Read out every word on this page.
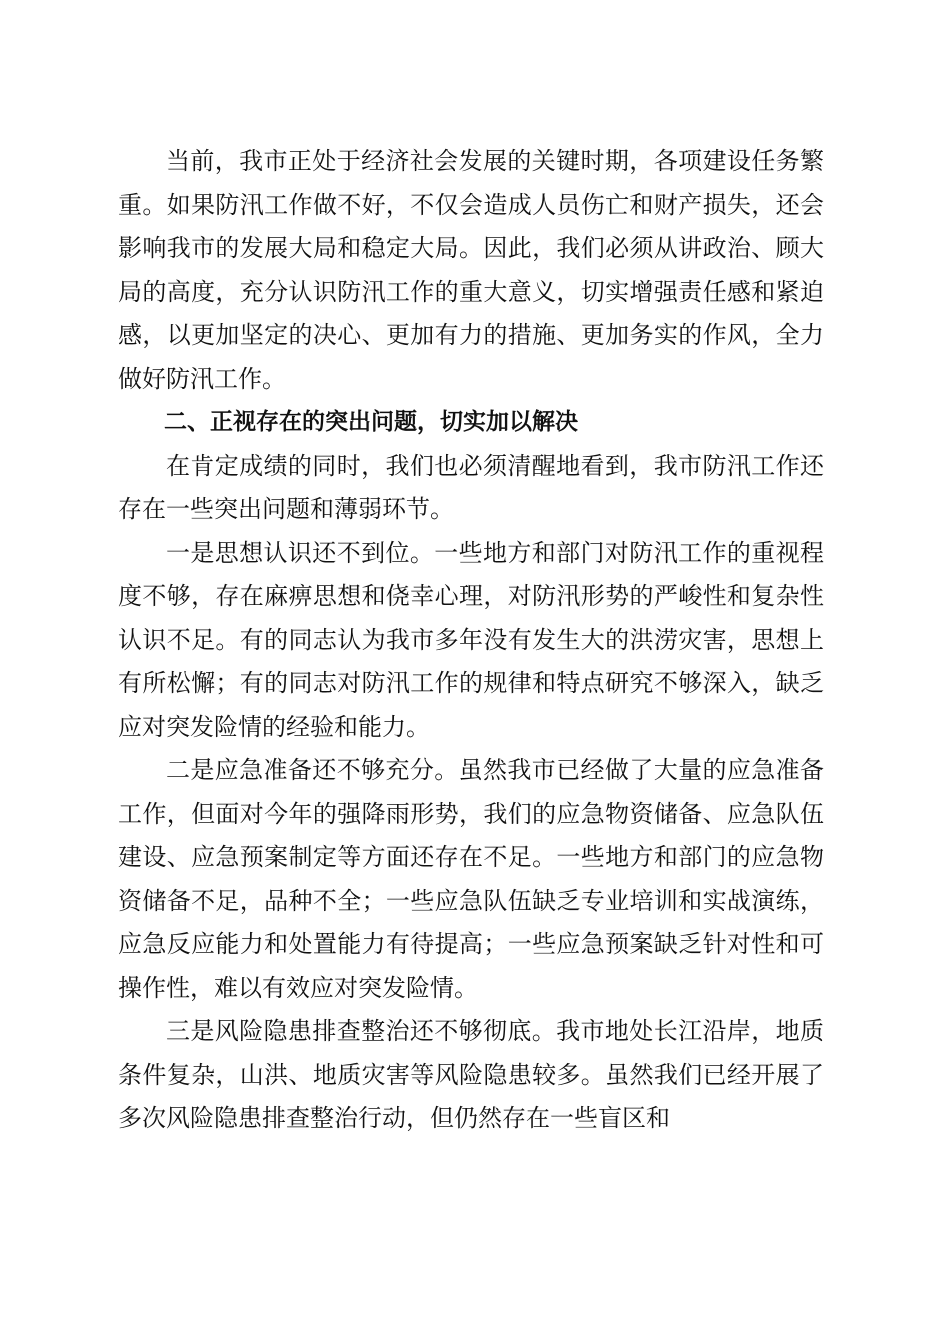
当前，我市正处于经济社会发展的关键时期，各项建设任务繁重。如果防汛工作做不好，不仅会造成人员伤亡和财产损失，还会影响我市的发展大局和稳定大局。因此，我们必须从讲政治、顾大局的高度，充分认识防汛工作的重大意义，切实增强责任感和紧迫感，以更加坚定的决心、更加有力的措施、更加务实的作风，全力做好防汛工作。

二、正视存在的突出问题，切实加以解决

在肯定成绩的同时，我们也必须清醒地看到，我市防汛工作还存在一些突出问题和薄弱环节。

一是思想认识还不到位。一些地方和部门对防汛工作的重视程度不够，存在麻痹思想和侥幸心理，对防汛形势的严峻性和复杂性认识不足。有的同志认为我市多年没有发生大的洪涝灾害，思想上有所松懈；有的同志对防汛工作的规律和特点研究不够深入，缺乏应对突发险情的经验和能力。

二是应急准备还不够充分。虽然我市已经做了大量的应急准备工作，但面对今年的强降雨形势，我们的应急物资储备、应急队伍建设、应急预案制定等方面还存在不足。一些地方和部门的应急物资储备不足，品种不全；一些应急队伍缺乏专业培训和实战演练，应急反应能力和处置能力有待提高；一些应急预案缺乏针对性和可操作性，难以有效应对突发险情。

三是风险隐患排查整治还不够彻底。我市地处长江沿岸，地质条件复杂，山洪、地质灾害等风险隐患较多。虽然我们已经开展了多次风险隐患排查整治行动，但仍然存在一些盲区和
